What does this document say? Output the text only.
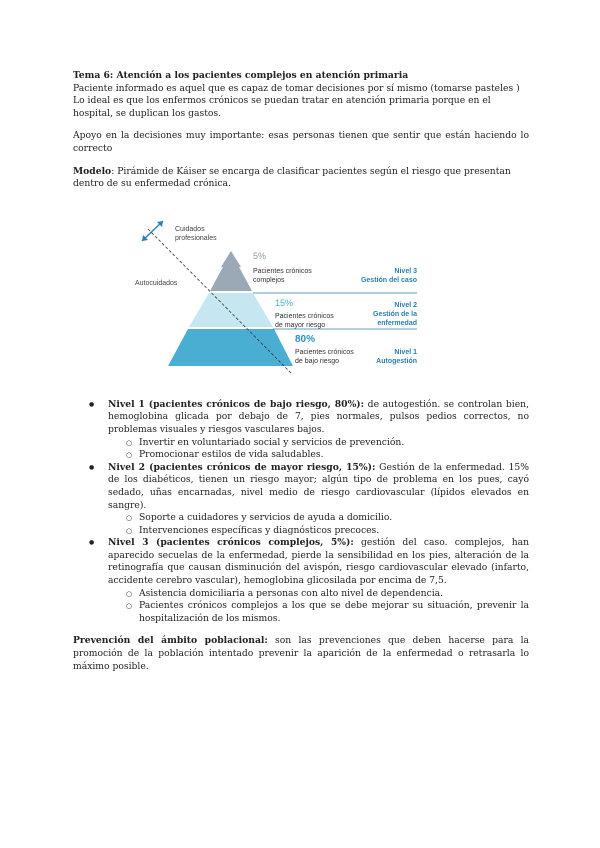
Tema 6: Atención a los pacientes complejos en atención primaria

Paciente informado es aquel que es capaz de tomar decisiones por sí mismo (tomarse pasteles )

Lo ideal es que los enfermos crónicos se puedan tratar en atención primaria porque en el hospital, se duplican los gastos.

Apoyo en la decisiones muy importante: esas personas tienen que sentir que están haciendo lo correcto

Modelo: Pirámide de Káiser se encarga de clasificar pacientes según el riesgo que presentan dentro de su enfermedad crónica.

Cuidados
profesionales
Autocuidados
5%
Pacientes crónicos
complejos
Nivel 3
Gestión del caso
15%
Pacientes crónicos
de mayor riesgo
Nivel 2
Gestión de la
enfermedad
80%
Pacientes crónicos
de bajo riesgo
Nivel 1
Autogestión
● Nivel 1 (pacientes crónicos de bajo riesgo, 80%): de autogestión. se controlan bien, hemoglobina glicada por debajo de 7, pies normales, pulsos pedios correctos, no problemas visuales y riesgos vasculares bajos.
○ Invertir en voluntariado social y servicios de prevención.
○ Promocionar estilos de vida saludables.
● Nivel 2 (pacientes crónicos de mayor riesgo, 15%): Gestión de la enfermedad. 15% de los diabéticos, tienen un riesgo mayor; algún tipo de problema en los pues, cayó sedado, uñas encarnadas, nivel medio de riesgo cardiovascular (lípidos elevados en sangre).
○ Soporte a cuidadores y servicios de ayuda a domicilio.
○ Intervenciones específicas y diagnósticos precoces.
● Nivel 3 (pacientes crónicos complejos, 5%): gestión del caso. complejos, han aparecido secuelas de la enfermedad, pierde la sensibilidad en los pies, alteración de la retinografía que causan disminución del avispón, riesgo cardiovascular elevado (infarto, accidente cerebro vascular), hemoglobina glicosilada por encima de 7,5.
○ Asistencia domiciliaria a personas con alto nivel de dependencia.
○ Pacientes crónicos complejos a los que se debe mejorar su situación, prevenir la hospitalización de los mismos.

Prevención del ámbito poblacional: son las prevenciones que deben hacerse para la promoción de la población intentado prevenir la aparición de la enfermedad o retrasarla lo máximo posible.
